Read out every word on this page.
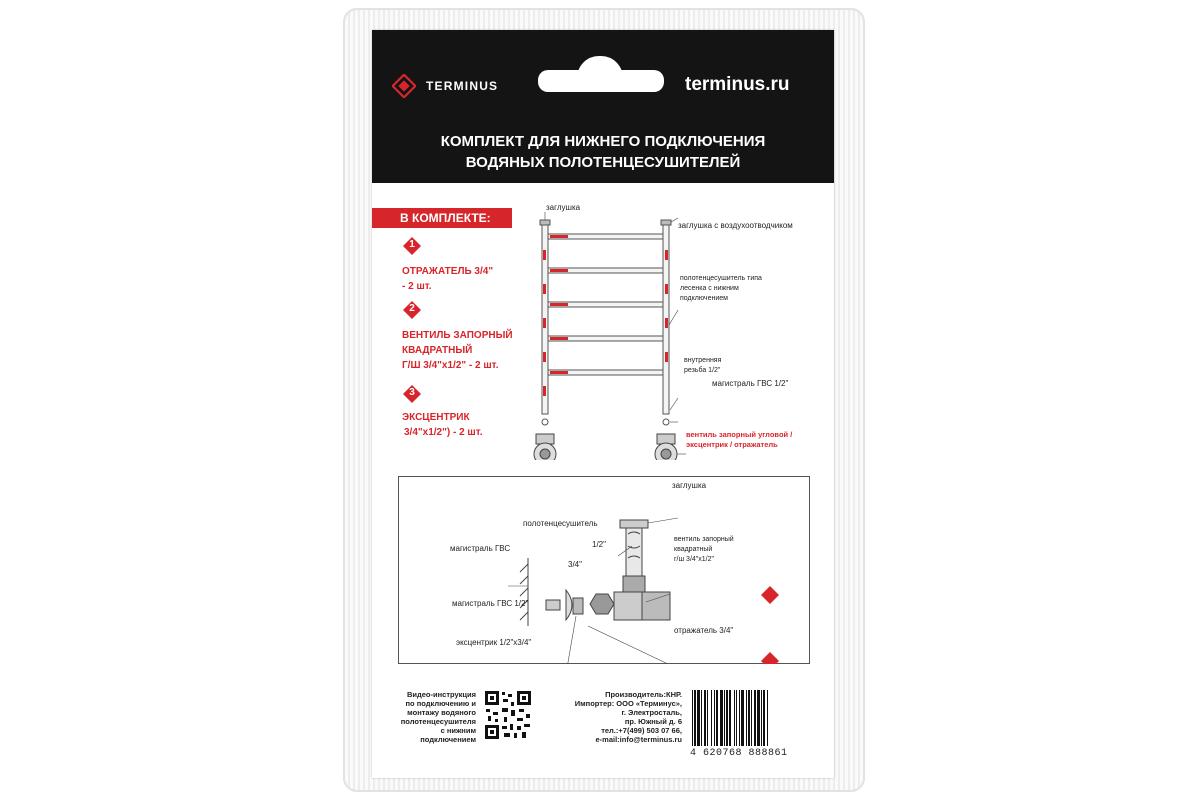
TERMINUS	terminus.ru
КОМПЛЕКТ ДЛЯ НИЖНЕГО ПОДКЛЮЧЕНИЯ
ВОДЯНЫХ ПОЛОТЕНЦЕСУШИТЕЛЕЙ
В КОМПЛЕКТЕ:
1
ОТРАЖАТЕЛЬ 3/4"
- 2 шт.
2
ВЕНТИЛЬ ЗАПОРНЫЙ
КВАДРАТНЫЙ
Г/Ш 3/4"x1/2" - 2 шт.
3
ЭКСЦЕНТРИК
3/4"x1/2") - 2 шт.
заглушка
заглушка с воздухоотводчиком
полотенцесушитель типа
лесенка с нижним
подключением
внутренняя
резьба 1/2"
магистраль ГВС 1/2"
вентиль запорный угловой /
эксцентрик / отражатель
заглушка
полотенцесушитель
магистраль ГВС	1/2"
3/4"
вентиль запорный
квадратный
г/ш 3/4"x1/2"
магистраль ГВС 1/2"
отражатель 3/4"
эксцентрик 1/2"x3/4"
2
1
3
Видео-инструкция
по подключению и
монтажу водяного
полотенцесушителя
с нижним
подключением
Производитель:КНР.
Импортер: ООО «Терминус»,
г. Электросталь,
пр. Южный д. 6
тел.:+7(499) 503 07 66,
e-mail:info@terminus.ru
4 620768 888861
